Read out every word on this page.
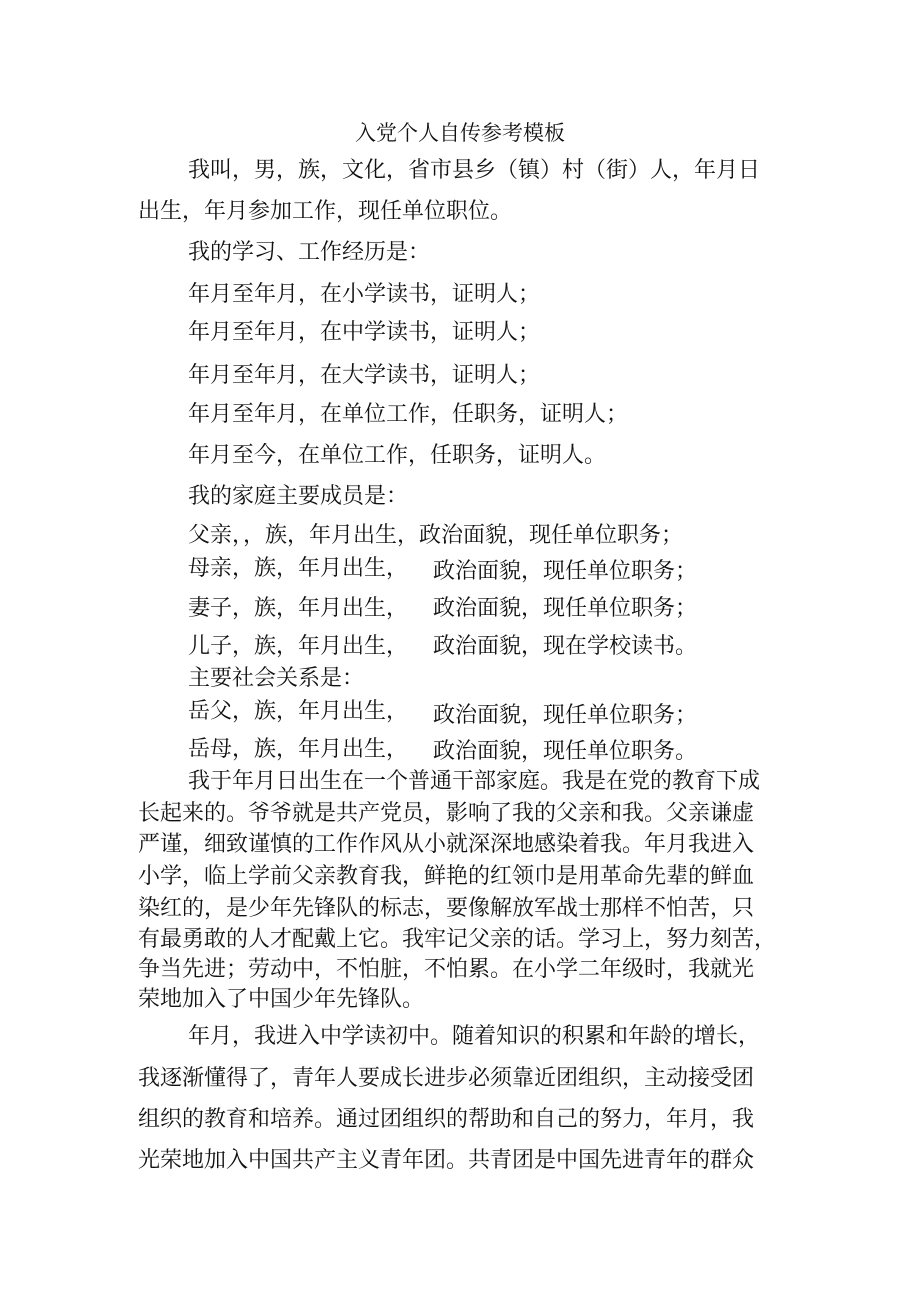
入党个人自传参考模板
我叫，男，族，文化，省市县乡（镇）村（街）人，年月日
出生，年月参加工作，现任单位职位。
我的学习、工作经历是：
年月至年月，在小学读书，证明人；
年月至年月，在中学读书，证明人；
年月至年月，在大学读书，证明人；
年月至年月，在单位工作，任职务，证明人；
年月至今，在单位工作，任职务，证明人。
我的家庭主要成员是：
父亲，，族，年月出生，政治面貌，现任单位职务；
母亲，族，年月出生， 政治面貌，现任单位职务；
妻子，族，年月出生， 政治面貌，现任单位职务；
儿子，族，年月出生， 政治面貌，现在学校读书。
主要社会关系是：
岳父，族，年月出生， 政治面貌，现任单位职务；
岳母，族，年月出生， 政治面貌，现任单位职务。
我于年月日出生在一个普通干部家庭。我是在党的教育下成
长起来的。爷爷就是共产党员，影响了我的父亲和我。父亲谦虚
严谨，细致谨慎的工作作风从小就深深地感染着我。年月我进入
小学，临上学前父亲教育我，鲜艳的红领巾是用革命先辈的鲜血
染红的，是少年先锋队的标志，要像解放军战士那样不怕苦，只
有最勇敢的人才配戴上它。我牢记父亲的话。学习上，努力刻苦，
争当先进；劳动中，不怕脏，不怕累。在小学二年级时，我就光
荣地加入了中国少年先锋队。
年月，我进入中学读初中。随着知识的积累和年龄的增长，
我逐渐懂得了，青年人要成长进步必须靠近团组织，主动接受团
组织的教育和培养。通过团组织的帮助和自己的努力，年月，我
光荣地加入中国共产主义青年团。共青团是中国先进青年的群众
